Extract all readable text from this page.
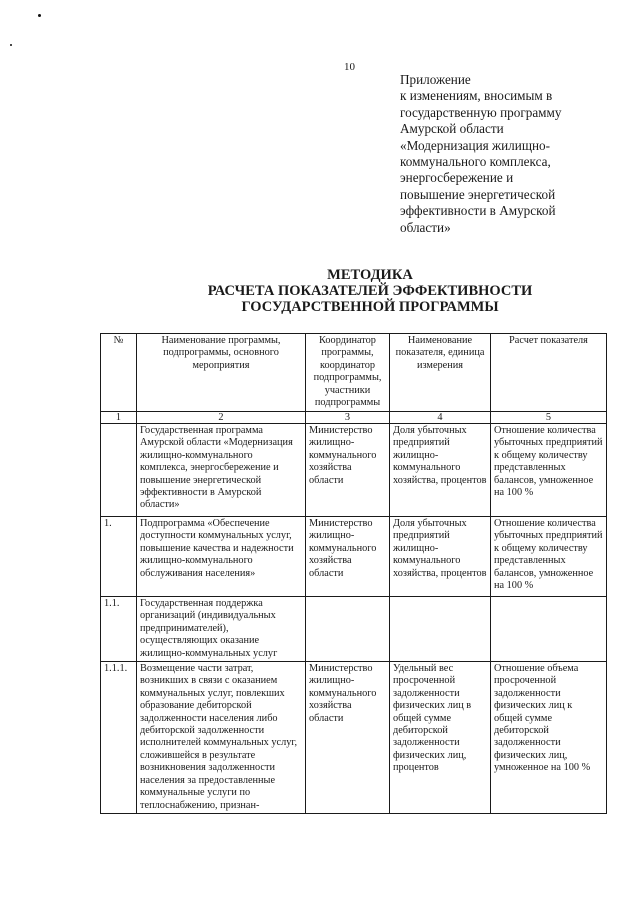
10
Приложение
к изменениям, вносимым в
государственную программу
Амурской области
«Модернизация жилищно-
коммунального комплекса,
энергосбережение и
повышение энергетической
эффективности в Амурской
области»
МЕТОДИКА
РАСЧЕТА ПОКАЗАТЕЛЕЙ ЭФФЕКТИВНОСТИ
ГОСУДАРСТВЕННОЙ ПРОГРАММЫ
№	Наименование программы, подпрограммы, основного мероприятия	Координатор программы, координатор подпрограммы, участники подпрограммы	Наименование показателя, единица измерения	Расчет показателя
1	2	3	4	5
	Государственная программа Амурской области «Модернизация жилищно-коммунального комплекса, энергосбережение и повышение энергетической эффективности в Амурской области»	Министерство жилищно-коммунального хозяйства области	Доля убыточных предприятий жилищно-коммунального хозяйства, процентов	Отношение количества убыточных предприятий к общему количеству представленных балансов, умноженное на 100 %
1.	Подпрограмма «Обеспечение доступности коммунальных услуг, повышение качества и надежности жилищно-коммунального обслуживания населения»	Министерство жилищно-коммунального хозяйства области	Доля убыточных предприятий жилищно-коммунального хозяйства, процентов	Отношение количества убыточных предприятий к общему количеству представленных балансов, умноженное на 100 %
1.1.	Государственная поддержка организаций (индивидуальных предпринимателей), осуществляющих оказание жилищно-коммунальных услуг			
1.1.1.	Возмещение части затрат, возникших в связи с оказанием коммунальных услуг, повлекших образование дебиторской задолженности населения либо дебиторской задолженности исполнителей коммунальных услуг, сложившейся в результате возникновения задолженности населения за предоставленные коммунальные услуги по теплоснабжению, признан-	Министерство жилищно-коммунального хозяйства области	Удельный вес просроченной задолженности физических лиц в общей сумме дебиторской задолженности физических лиц, процентов	Отношение объема просроченной задолженности физических лиц к общей сумме дебиторской задолженности физических лиц, умноженное на 100 %
